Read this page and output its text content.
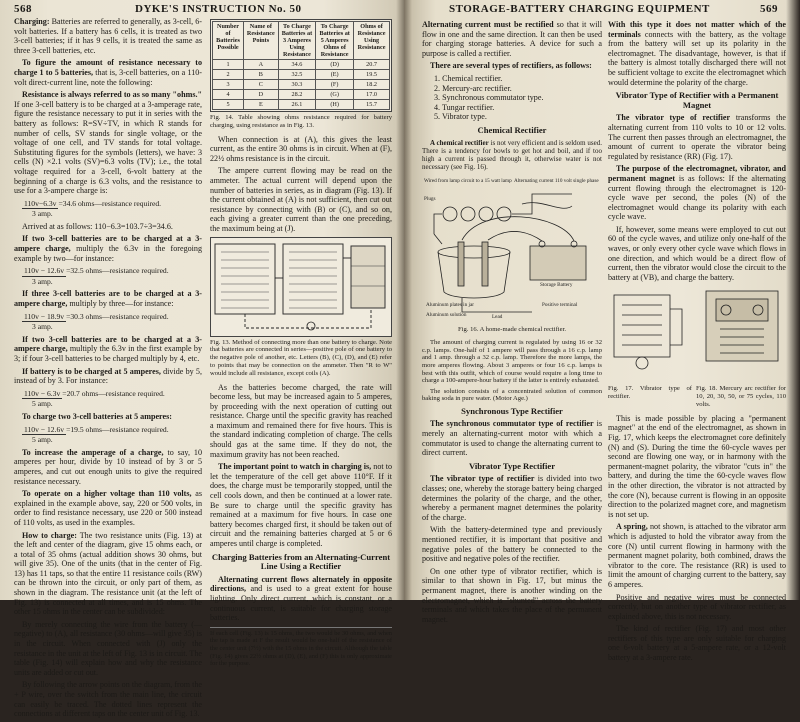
568	DYKE'S INSTRUCTION No. 50

Charging: Batteries are referred to generally, as 3-cell, 6-volt batteries. If a battery has 6 cells, it is treated as two 3-cell batteries; if it has 9 cells, it is treated the same as three 3-cell batteries, etc.

To figure the amount of resistance necessary to charge 1 to 5 batteries, that is, 3-cell batteries, on a 110-volt direct-current line, note the following:

Resistance is always referred to as so many "ohms." If one 3-cell battery is to be charged at a 3-amperage rate, figure the resistance necessary to put it in series with the battery as follows: R=SV÷TV, in which R stands for number of cells, SV stands for single voltage, or the voltage of one cell, and TV stands for total voltage. Substituting figures for the symbols (letters), we have: 3 cells (N) ×2.1 volts (SV)=6.3 volts (TV); i.e., the total voltage required for a 3-cell, 6-volt battery at the beginning of a charge is 6.3 volts, and the resistance to use for a 3-ampere charge is:

110v−6.3v =34.6 ohms—resistance required.
3 amp.

Arrived at as follows: 110−6.3=103.7÷3=34.6.

If two 3-cell batteries are to be charged at a 3-ampere charge, multiply the 6.3v in the foregoing example by two—for instance:

110v − 12.6v =32.5 ohms—resistance required.
3 amp.

If three 3-cell batteries are to be charged at a 3-ampere charge, multiply by three—for instance:

110v − 18.9v =30.3 ohms—resistance required.
3 amp.

If two 3-cell batteries are to be charged at a 3-ampere charge, multiply the 6.3v in the first example by 3; if four 3-cell batteries to be charged multiply by 4, etc.

If battery is to be charged at 5 amperes, divide by 5, instead of by 3. For instance:

110v − 6.3v =20.7 ohms—resistance required.
5 amp.

To charge two 3-cell batteries at 5 amperes:

110v − 12.6v =19.5 ohms—resistance required.
5 amp.

To increase the amperage of a charge, to say, 10 amperes per hour, divide by 10 instead of by 3 or 5 amperes, and cut out enough units to give the required resistance necessary.

To operate on a higher voltage than 110 volts, as explained in the example above, say, 220 or 500 volts, in order to find resistance necessary, use 220 or 500 instead of 110 volts, as used in the examples.

How to charge: The two resistance units (Fig. 13) at the left and center of the diagram, give 15 ohms each, or a total of 35 ohms (actual addition shows 30 ohms, but will give 35). One of the units (that in the center of Fig. 13) has 11 taps, so that the entire 11 resistance coils (RW) can be thrown into the circuit, or only part of them, as shown in the diagram. The resistance unit (at the left of Fig. 13) is connected at all times, and is 15 ohms. The other 15 ohms in the center can be subdivided:

By merely connecting the wire from the battery (—negative) to (A), all resistance (30 ohms—will give 35) is in the circuit. When connected with (J) only the resistance in the unit at the left of Fig. 13 is in circuit. The table (Fig. 14) will explain how and why the resistance units are added or cut out.

By following the arrow points on the diagram, from the + P wire, over the switch from the main line, the circuit can easily be traced. The dotted lines represent the connections at different taps on the center unit of Fig. 13.

Number of Batteries Possible	Name of Resistance Points	To Charge Batteries at 3 Amperes Using Resistance	To Charge Batteries at 5 Amperes Ohms of Resistance	Ohms of Resistance Using Resistance
1	A	34.6	(D)	20.7
2	B	32.5	(E)	19.5
3	C	30.3	(F)	18.2
4	D	28.2	(G)	17.0
5	E	26.1	(H)	15.7
Fig. 14. Table showing ohms resistance required for battery charging, using resistance as in Fig. 13.

When connection is at (A), this gives the least current, as the entire 30 ohms is in circuit. When at (F), 22½ ohms resistance is in the circuit.

The ampere current flowing may be read on the ammeter. The actual current will depend upon the number of batteries in series, as in diagram (Fig. 13). If the current obtained at (A) is not sufficient, then cut out resistance by connecting with (B) or (C), and so on, each giving a greater current than the one preceding, the maximum being at (J).

Fig. 13. Method of connecting more than one battery to charge. Note that batteries are connected in series—positive pole of one battery to the negative pole of another, etc. Letters (B), (C), (D), and (E) refer to points that may be connection on the ammeter. Then "R to W" would include all resistance, except coils (A).

As the batteries become charged, the rate will become less, but may be increased again to 5 amperes, by proceeding with the next operation of cutting out resistance. Charge until the specific gravity has reached a maximum and remained there for five hours. This is the standard indicating completion of charge. The cells should gas at the same time. If they do not, the maximum gravity has not been reached.

The important point to watch in charging is, not to let the temperature of the cell get above 110°F. If it does, the charge must be temporarily stopped, until the cell cools down, and then be continued at a lower rate. Be sure to charge until the specific gravity has remained at a maximum for five hours. In case one battery becomes charged first, it should be taken out of circuit and the remaining batteries charged at 5 or 6 amperes until charge is completed.

Charging Batteries from an Alternating-Current Line Using a Rectifier

Alternating current flows alternately in opposite directions, and is used to a great extent for house lighting. Only direct current, which is constant, or a continuous current, is suitable for charging storage batteries.

If each cell (Fig. 13) is 15 ohms, the two would be 30 ohms, and when the tap is made at F the result would be one-half of the resistance of the center unit (7½) with the 15 ohms in the circuit. Although the table (Fig. 14) gives 22½ ohms at (D), (E), and (F) this is only approximate for the purpose.
STORAGE-BATTERY CHARGING EQUIPMENT	569

Alternating current must be rectified so that it will flow in one and the same direction. It can then be used for charging storage batteries. A device for such a purpose is called a rectifier.

There are several types of rectifiers, as follows:

1. Chemical rectifier.
2. Mercury-arc rectifier.
3. Synchronous commutator type.
4. Tungar rectifier.
5. Vibrator type.
Chemical Rectifier

A chemical rectifier is not very efficient and is seldom used. There is a tendency for bowls to get hot and boil, and if too high a current is passed through it, otherwise water is not necessary (see Fig. 16).

Wired from lamp circuit to a 15 watt lamp
Plugs
Alternating current 110 volt single phase
Aluminum plates in jar
Storage Battery
Lead
Aluminum solution
Positive terminal
Fig. 16. A home-made chemical rectifier.

The amount of charging current is regulated by using 16 or 32 c.p. lamps. One-half of 1 ampere will pass through a 16 c.p. lamp and 1 amp. through a 32 c.p. lamp. Therefore the more lamps, the more amperes flowing. About 3 amperes or four 16 c.p. lamps is best with this outfit, which of course would require a long time to charge a 100-ampere-hour battery if the latter is entirely exhausted.

The solution consists of a concentrated solution of common baking soda in pure water. (Motor Age.)

Synchronous Type Rectifier

The synchronous commutator type of rectifier is merely an alternating-current motor with which a commutator is used to change the alternating current to direct current.

Vibrator Type Rectifier

The vibrator type of rectifier is divided into two classes; one, whereby the storage battery being charged determines the polarity of the charge, and the other, whereby a permanent magnet determines the polarity of the charge.

With the battery-determined type and previously mentioned rectifier, it is important that positive and negative poles of the battery be connected to the positive and negative poles of the rectifier.

On one other type of vibrator rectifier, which is similar to that shown in Fig. 17, but minus the permanent magnet, there is another winding on the electromagnet, which is "shunted" across the battery terminals and which takes the place of the permanent magnet.

With this type it does not matter which of the terminals connects with the battery, as the voltage from the battery will set up its polarity in the electromagnet. The disadvantage, however, is that if the battery is almost totally discharged there will not be sufficient voltage to excite the electromagnet which would determine the polarity of the charge.

Vibrator Type of Rectifier with a Permanent Magnet

The vibrator type of rectifier transforms the alternating current from 110 volts to 10 or 12 volts. The current then passes through an electromagnet, the amount of current to operate the vibrator being regulated by resistance (RR) (Fig. 17).

The purpose of the electromagnet, vibrator, and permanent magnet is as follows: If the alternating current flowing through the electromagnet is 120-cycle wave per second, the poles (N) of the electromagnet would change its polarity with each cycle wave.

If, however, some means were employed to cut out 60 of the cycle waves, and utilize only one-half of the waves, or only every other cycle wave which flows in one direction, and which would be a direct flow of current, then the vibrator would close the circuit to the battery at (VB), and charge the battery.

Fig. 17. Vibrator type of rectifier.Fig. 18. Mercury arc rectifier for 10, 20, 30, 50, or 75 cycles, 110 volts.

This is made possible by placing a "permanent magnet" at the end of the electromagnet, as shown in Fig. 17, which keeps the electromagnet core definitely (N) and (S). During the time the 60-cycle waves per second are flowing one way, or in harmony with the permanent-magnet polarity, the vibrator "cuts in" the battery, and during the time the 60-cycle waves flow in the other direction, the vibrator is not attracted by the core (N), because current is flowing in an opposite direction to the polarized magnet core, and magnetism is not set up.

A spring, not shown, is attached to the vibrator arm which is adjusted to hold the vibrator away from the core (N) until current flowing in harmony with the permanent magnet polarity, both combined, draws the vibrator to the core. The resistance (RR) is used to limit the amount of charging current to the battery, say 6 amperes.

Positive and negative wires must be connected correctly, but on another type of vibrator rectifier, as explained above, this is not necessary.

The kind of rectifier (Fig. 17) and most other rectifiers of this type are only suitable for charging one 6-volt battery at a 5-ampere rate, or a 12-volt battery at a 3-ampere rate.
